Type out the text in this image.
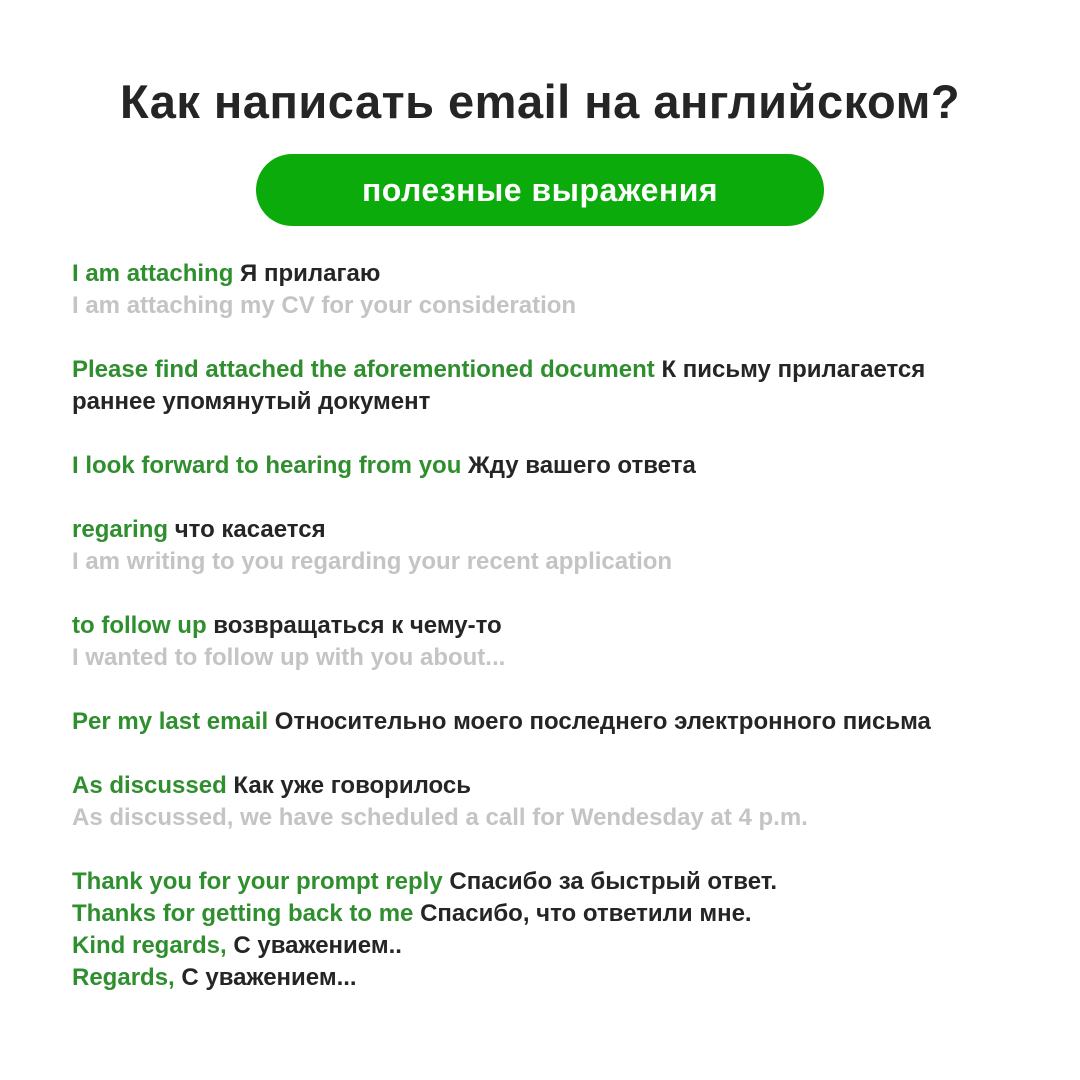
Как написать email на английском?
полезные выражения
I am attaching Я прилагаю
I am attaching my CV for your consideration
Please find attached the aforementioned document К письму прилагается раннее упомянутый документ
I look forward to hearing from you Жду вашего ответа
regaring что касается
I am writing to you regarding your recent application
to follow up возвращаться к чему-то
I wanted to follow up with you about...
Per my last email Относительно моего последнего электронного письма
As discussed Как уже говорилось
As discussed, we have scheduled a call for Wendesday at 4 p.m.
Thank you for your prompt reply Спасибо за быстрый ответ.
Thanks for getting back to me Спасибо, что ответили мне.
Kind regards, С уважением..
Regards, С уважением...
